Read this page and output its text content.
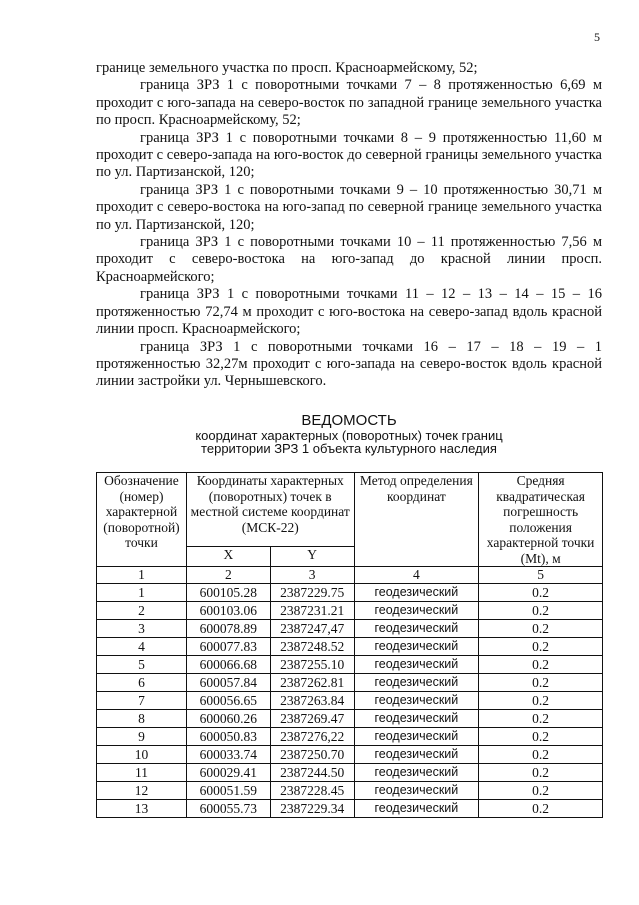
5

границе земельного участка по просп. Красноармейскому, 52;

граница ЗРЗ 1 с поворотными точками 7 – 8 протяженностью 6,69 м проходит с юго-запада на северо-восток по западной границе земельного участка по просп. Красноармейскому, 52;

граница ЗРЗ 1 с поворотными точками 8 – 9 протяженностью 11,60 м проходит с северо-запада на юго-восток до северной границы земельного участка по ул. Партизанской, 120;

граница ЗРЗ 1 с поворотными точками 9 – 10 протяженностью 30,71 м проходит с северо-востока на юго-запад по северной границе земельного участка по ул. Партизанской, 120;

граница ЗРЗ 1 с поворотными точками 10 – 11 протяженностью 7,56 м проходит с северо-востока на юго-запад до красной линии просп. Красноармейского;

граница ЗРЗ 1 с поворотными точками 11 – 12 – 13 – 14 – 15 – 16 протяженностью 72,74 м проходит с юго-востока на северо-запад вдоль красной линии просп. Красноармейского;

граница ЗРЗ 1 с поворотными точками 16 – 17 – 18 – 19 – 1 протяженностью 32,27м проходит с юго-запада на северо-восток вдоль красной линии застройки ул. Чернышевского.

ВЕДОМОСТЬ
координат характерных (поворотных) точек границ
территории ЗРЗ 1 объекта культурного наследия
Обозначение (номер) характерной (поворотной) точки	Координаты характерных (поворотных) точек в местной системе координат (МСК-22)		Метод определения координат	Средняя квадратическая погрешность положения характерной точки (Mt), м
	X	Y		
1	2	3	4	5
1	600105.28	2387229.75	геодезический	0.2
2	600103.06	2387231.21	геодезический	0.2
3	600078.89	2387247,47	геодезический	0.2
4	600077.83	2387248.52	геодезический	0.2
5	600066.68	2387255.10	геодезический	0.2
6	600057.84	2387262.81	геодезический	0.2
7	600056.65	2387263.84	геодезический	0.2
8	600060.26	2387269.47	геодезический	0.2
9	600050.83	2387276,22	геодезический	0.2
10	600033.74	2387250.70	геодезический	0.2
11	600029.41	2387244.50	геодезический	0.2
12	600051.59	2387228.45	геодезический	0.2
13	600055.73	2387229.34	геодезический	0.2
